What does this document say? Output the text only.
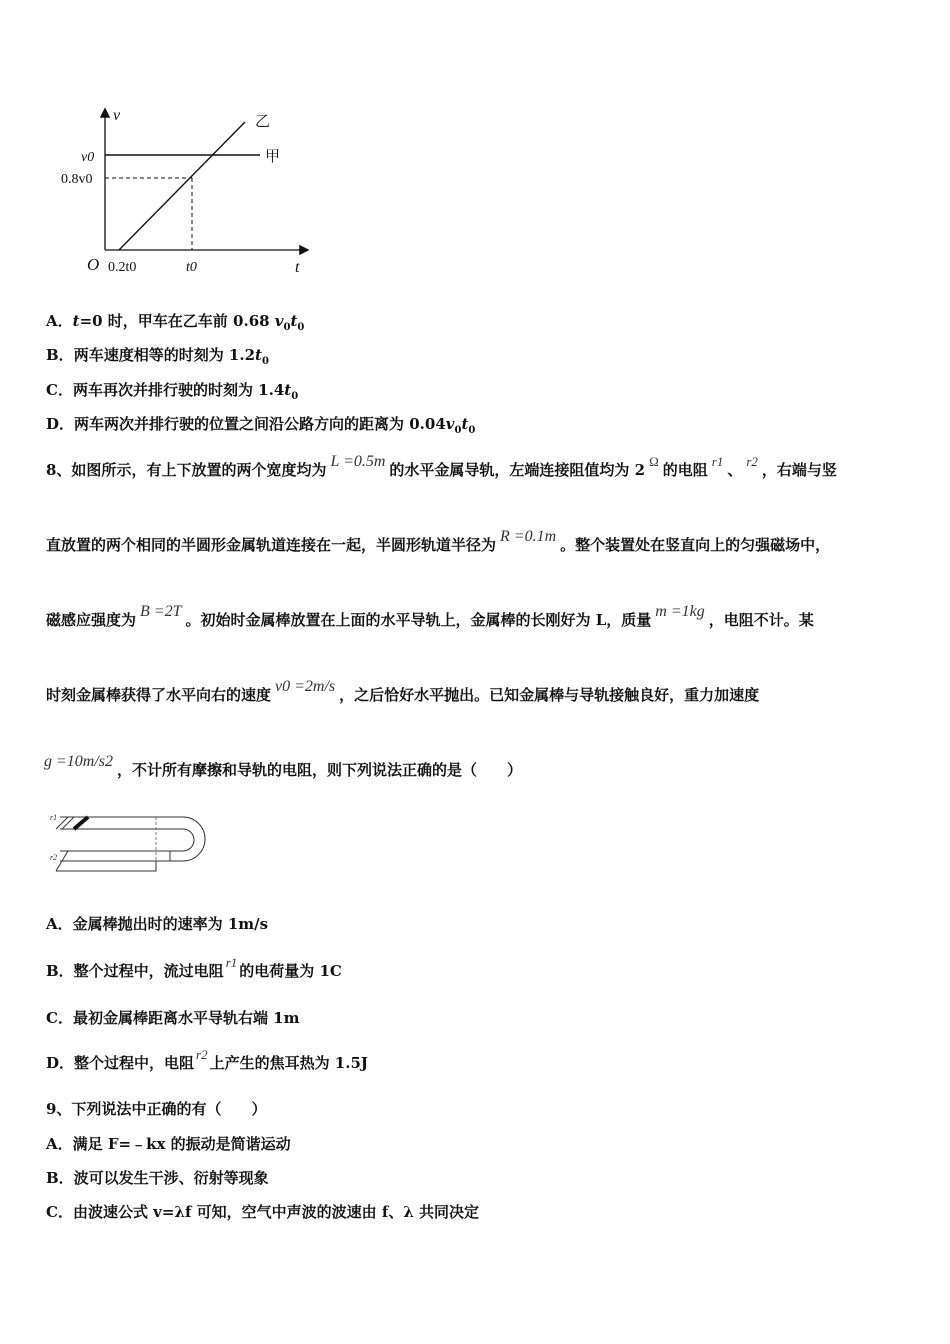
v
t
O
乙
甲
v0
0.8v0
0.2t0	t0
A．t=0 时，甲车在乙车前 0.68 $v_0t_0$
B．两车速度相等的时刻为 $1.2t_0$
C．两车再次并排行驶的时刻为 $1.4t_0$
D．两车两次并排行驶的位置之间沿公路方向的距离为 $0.04v_0t_0$
8、如图所示，有上下放置的两个宽度均为 L =0.5m 的水平金属导轨，左端连接阻值均为 2 Ω 的电阻 r1 、 r2 ，右端与竖
直放置的两个相同的半圆形金属轨道连接在一起，半圆形轨道半径为 R =0.1m 。整个装置处在竖直向上的匀强磁场中，
磁感应强度为 B =2T 。初始时金属棒放置在上面的水平导轨上，金属棒的长刚好为 L，质量 m =1kg ，电阻不计。某
时刻金属棒获得了水平向右的速度 v0 =2m/s ，之后恰好水平抛出。已知金属棒与导轨接触良好，重力加速度
g =10m/s2 ，不计所有摩擦和导轨的电阻，则下列说法正确的是（　　）
r1
r2
A．金属棒抛出时的速率为 1m/s
B．整个过程中，流过电阻 r1 的电荷量为 1C
C．最初金属棒距离水平导轨右端 1m
D．整个过程中，电阻 r2 上产生的焦耳热为 1.5J
9、下列说法中正确的有（　　）
A．满足 F=﹣kx 的振动是简谐运动
B．波可以发生干涉、衍射等现象
C．由波速公式 v=λf 可知，空气中声波的波速由 f、λ 共同决定
